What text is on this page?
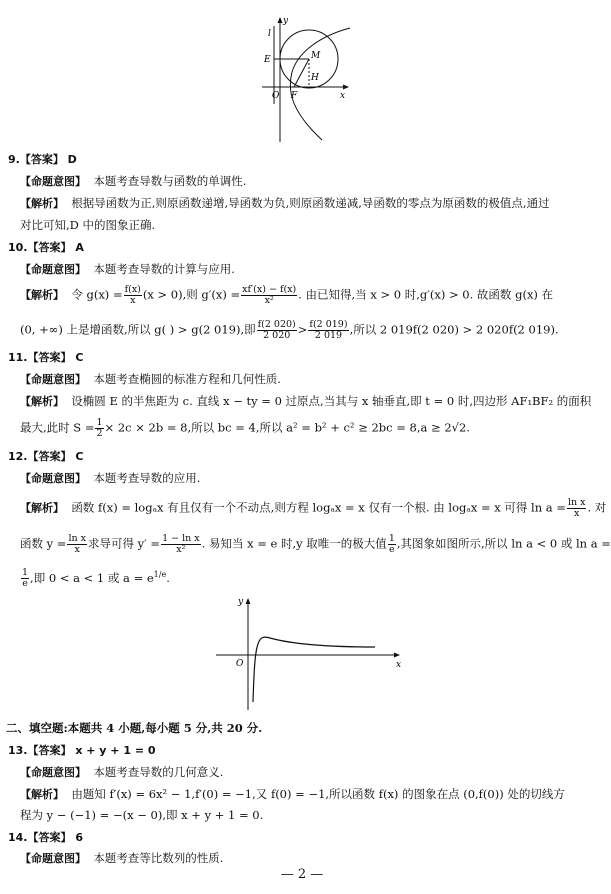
y
l
E	M
H
O F	x
9.【答案】 D
【命题意图】 本题考查导数与函数的单调性.
【解析】 根据导函数为正,则原函数递增,导函数为负,则原函数递减,导函数的零点为原函数的极值点,通过
对比可知,D 中的图象正确.
10.【答案】 A
【命题意图】 本题考查导数的计算与应用.
【解析】 令 $g(x) = \frac{f(x)}{x} (x > 0)$,则 $g'(x) = \frac{xf'(x) - f(x)}{\text{x²}}$ . 由已知得,当 x > 0 时,g′(x) > 0. 故函数 g(x) 在
(0, +∞) 上是增函数,所以 g( ) > g(2 019),即 $\frac{f(2 020)}{2 020} > \frac{f(2 019)}{2 019}$ ,所以 2 019f(2 020) > 2 020f(2 019).
11.【答案】 C
【命题意图】 本题考查椭圆的标准方程和几何性质.
【解析】 设椭圆 E 的半焦距为 c. 直线 x − ty = 0 过原点,当其与 x 轴垂直,即 t = 0 时,四边形 AF₁BF₂ 的面积
最大,此时 $S = \frac{1}{2} \times 2c \times 2b = 8$,所以 bc = 4,所以 a² = b² + c² ≥ 2bc = 8,a ≥ 2√2.
12.【答案】 C
【命题意图】 本题考查导数的应用.
【解析】 函数 f(x) = logₐx 有且仅有一个不动点,则方程 logₐx = x 仅有一个根. 由 logₐx = x 可得 $\ln a = \frac{\text{ln x}}{x}$ . 对
函数 $y = \frac{\text{ln x}}{x}$ 求导可得 $y' = \frac{\text{1 − ln x}}{\text{x²}}$ . 易知当 x = e 时,y 取唯一的极大值 $\frac{1}{e}$ ,其图象如图所示,所以 ln a < 0 或 ln a =
$\frac{1}{e}$ ,即 0 < a < 1 或 $a = e^{1/e}$.
y
O	x
二、填空题:本题共 4 小题,每小题 5 分,共 20 分.
13.【答案】 x + y + 1 = 0
【命题意图】 本题考查导数的几何意义.
【解析】 由题知 f′(x) = 6x² − 1,f′(0) = −1,又 f(0) = −1,所以函数 f(x) 的图象在点 (0,f(0)) 处的切线方
程为 y − (−1) = −(x − 0),即 x + y + 1 = 0.
14.【答案】 6
【命题意图】 本题考查等比数列的性质.
— 2 —
